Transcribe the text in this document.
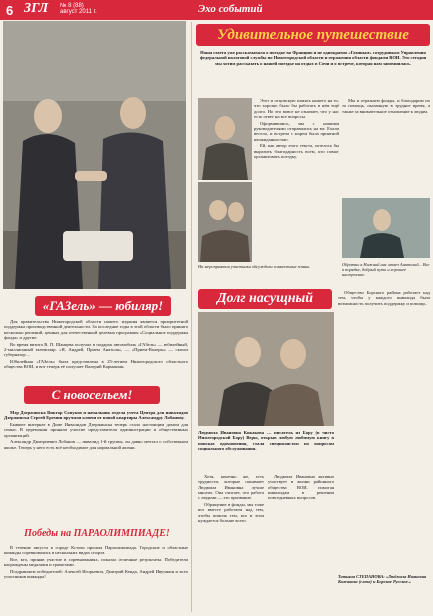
6 ЗГЛ № 8 (88)
август 2011 г.	Эхо событий
«ГАЗель» — юбиляр!

Для правительства Нижегородской области нашего издания является приоритетной поддержка производственной деятельности. За последние годы в этой области было принято несколько решений, ценных для отечественной целевых программы «Социальное поддержка фонда» и другие.

Во время визита В. П. Шанцева получил в подарок автомобиль «ГАЗель» — юбилейный, 2-миллионный экземпляр. «Я, Андрей, Прием Анатоля», — «Прием-Валеры» — сказал губернатор ...

Юбилейная «ГАЗель» была представлена в 25-летием Нижегородского областного общества ВОИ, и вот теперь её получает Валерий Кармашин.

С новосельем!

Мэр Дзержинска Виктор Сопуков и начальник отдела учета Центра для инвалидов Дзержинска Сергей Еремин вручили ключи от новой квартиры Александру Лобанову.

Бывшее интернат в Доме Инвалидов Дзержинска теперь стало настоящим домом для семьи. В церемонии приняли участие представители администрации и общественных организаций.

Александр Дмитриевич Лобанов — инвалид 1-й группы, он давно мечтал о собственном жилье. Теперь у него есть всё необходимое для нормальной жизни.

Победы на ПАРАОЛИМПИАДЕ!

В течение августа в городе Кстово прошла Параолимпиада. Городские и областные команды соревновались в нескольких видах спорта.

Все, кто, приняв участие в соревнованиях, показал отличные результаты. Победители награждены медалями и грамотами.

Поздравляем победителей: Алексей Игорьевич, Дмитрий Кенда, Андрей Ивушкин и всех участников команды!

Удивительное путешествие
Наша газета уже рассказывала о поездке во Францию и не однократно «Газиным» сотрудником Управления федеральной налоговой службы по Нижегородской области и отражения области фондами ВОИ. Это сегодня мы хотим рассказать о нашей поездке на отдых в Сочи и о встрече, которая нам запомнилась.

Этот и отцовскую память нашего на то, что хорошо было бы работать в нём ещё долго. Но это вовсе не означает, что у нас есть ответ на все вопросы.

Оформившись, мы с нашими руководителями отправились на юг. Ехали весело, и встреча с морем была приятной неожиданностью.

Ей, как автор этого текста, хотелось бы выразить благодарность всем, кто помог организовать поездку.

Мы и отражаем фонды, и благодарим их за помощь, оказанную в трудное время, а также за внимательное отношение к людям.

Обратно в Нижний нас отвез Анатолий... Все в порядке, добрый путь и хорошее настроение.
На мероприятии участники обсуждали совместные планы.
Долг насущный
Людмила Ивановна Кожакова — писатель из Бору (в чисто Нижегородской Бору) Веры, открыв любую любимую книгу в поисках вдохновения, стала специалистом по вопросам социального обслуживания.

Хотя, конечно же, есть трудности, которые понимает Людмила Ивановна лучше многих. Она считает, что работа с людьми — это призвание.

Обращение в фонды, мы тоже все вместе работаем над тем, чтобы помочь тем, кто в этом нуждается больше всего.

Людмила Ивановна активно участвует в жизни районного общества ВОИ, помогая инвалидам в решении повседневных вопросов.

Общество Борского района работает над тем, чтобы у каждого инвалида была возможность получить поддержку и помощь.

Татьяна СТЕПАНОВА: «Людмила Ивановна Кожакова (слева) и Борское Русское.»
